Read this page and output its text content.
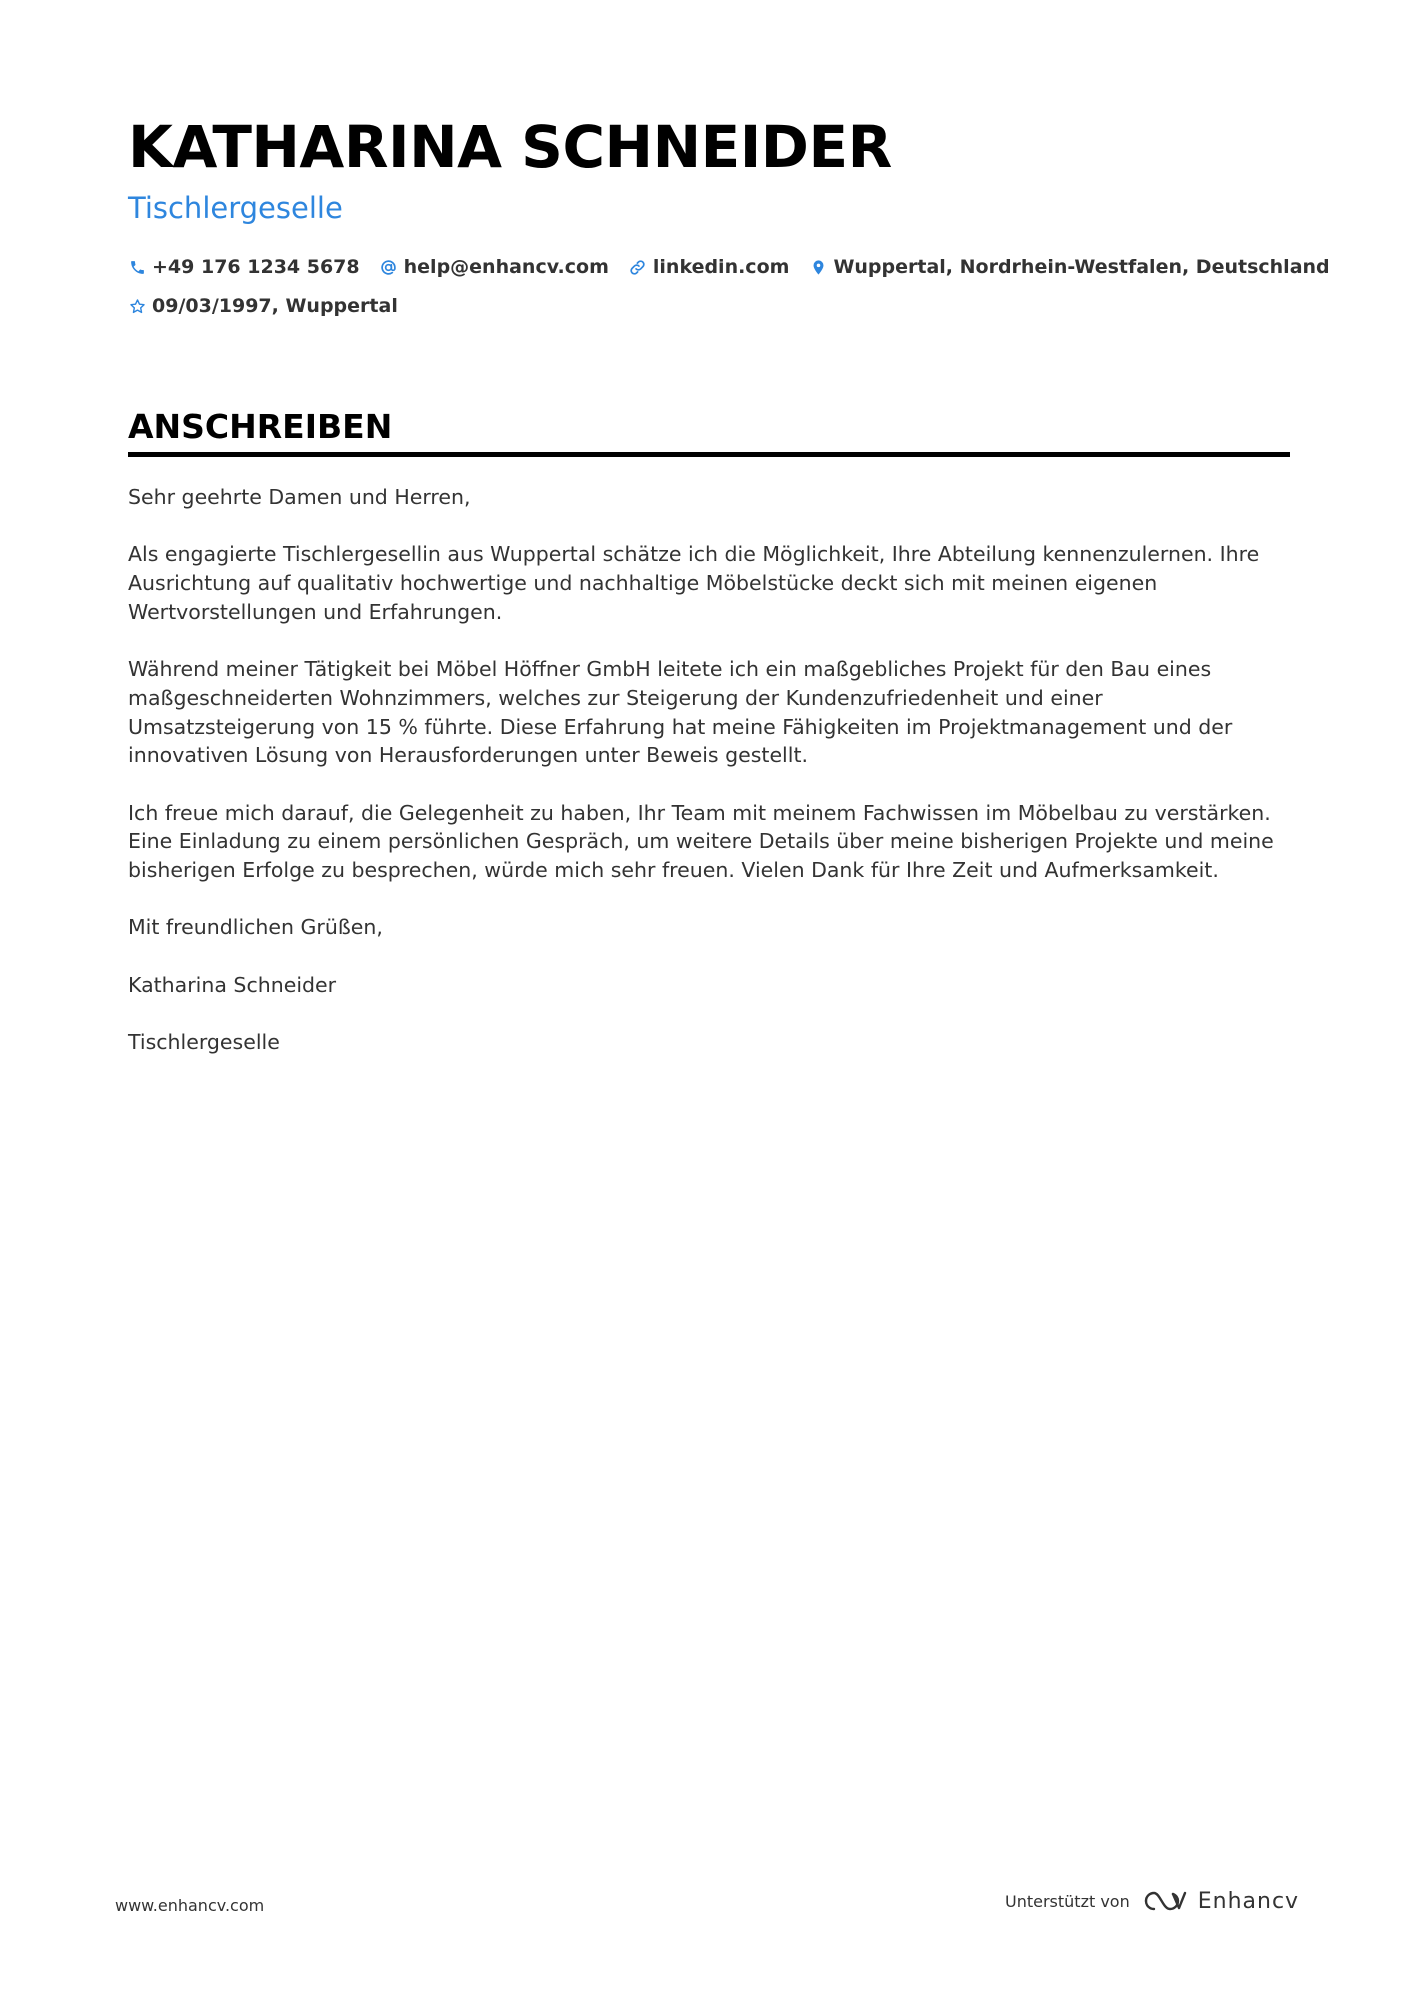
KATHARINA SCHNEIDER
Tischlergeselle
+49 176 1234 5678 help@enhancv.com linkedin.com Wuppertal, Nordrhein-Westfalen, Deutschland
09/03/1997, Wuppertal
ANSCHREIBEN

Sehr geehrte Damen und Herren,

Als engagierte Tischlergesellin aus Wuppertal schätze ich die Möglichkeit, Ihre Abteilung kennenzulernen. Ihre Ausrichtung auf qualitativ hochwertige und nachhaltige Möbelstücke deckt sich mit meinen eigenen Wertvorstellungen und Erfahrungen.

Während meiner Tätigkeit bei Möbel Höffner GmbH leitete ich ein maßgebliches Projekt für den Bau eines maßgeschneiderten Wohnzimmers, welches zur Steigerung der Kundenzufriedenheit und einer Umsatzsteigerung von 15 % führte. Diese Erfahrung hat meine Fähigkeiten im Projektmanagement und der innovativen Lösung von Herausforderungen unter Beweis gestellt.

Ich freue mich darauf, die Gelegenheit zu haben, Ihr Team mit meinem Fachwissen im Möbelbau zu verstärken. Eine Einladung zu einem persönlichen Gespräch, um weitere Details über meine bisherigen Projekte und meine bisherigen Erfolge zu besprechen, würde mich sehr freuen. Vielen Dank für Ihre Zeit und Aufmerksamkeit.

Mit freundlichen Grüßen,

Katharina Schneider

Tischlergeselle

www.enhancv.com	Unterstützt von	Enhancv
